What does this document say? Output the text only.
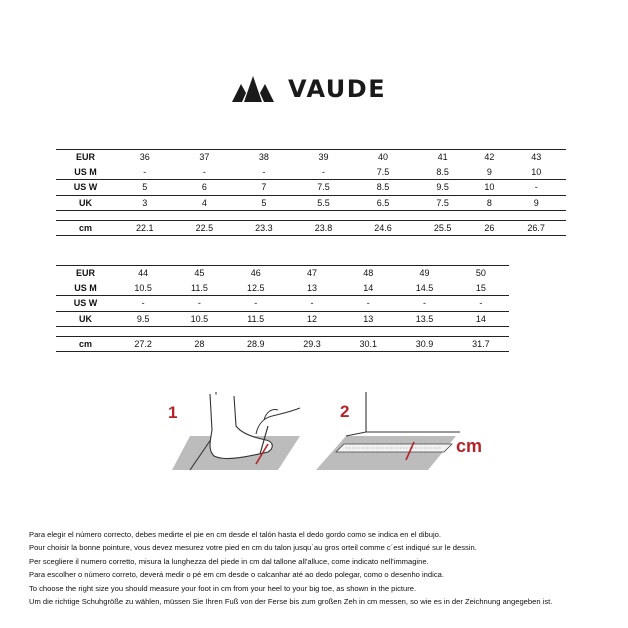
VAUDE
EUR	36	37	38	39	40	41	42	43
US M	-	-	-	-	7.5	8.5	9	10
US W	5	6	7	7.5	8.5	9.5	10	-
UK	3	4	5	5.5	6.5	7.5	8	9

cm	22.1	22.5	23.3	23.8	24.6	25.5	26	26.7
EUR	44	45	46	47	48	49	50
US M	10.5	11.5	12.5	13	14	14.5	15
US W	-	-	-	-	-	-	-
UK	9.5	10.5	11.5	12	13	13.5	14

cm	27.2	28	28.9	29.3	30.1	30.9	31.7
1	2
cm
Para elegir el número correcto, debes medirte el pie en cm desde el talón hasta el dedo gordo como se indica en el dibujo.
Pour choisir la bonne pointure, vous devez mesurez votre pied en cm du talon jusqu´au gros orteil comme c´est indiqué sur le dessin.
Per scegliere il numero corretto, misura la lunghezza del piede in cm dal tallone all'alluce, come indicato nell'immagine.
Para escolher o número correto, deverá medir o pé em cm desde o calcanhar até ao dedo polegar, como o desenho indica.
To choose the right size you should measure your foot in cm from your heel to your big toe, as shown in the picture.
Um die richtige Schuhgröße zu wählen, müssen Sie Ihren Fuß von der Ferse bis zum großen Zeh in cm messen, so wie es in der Zeichnung angegeben ist.
